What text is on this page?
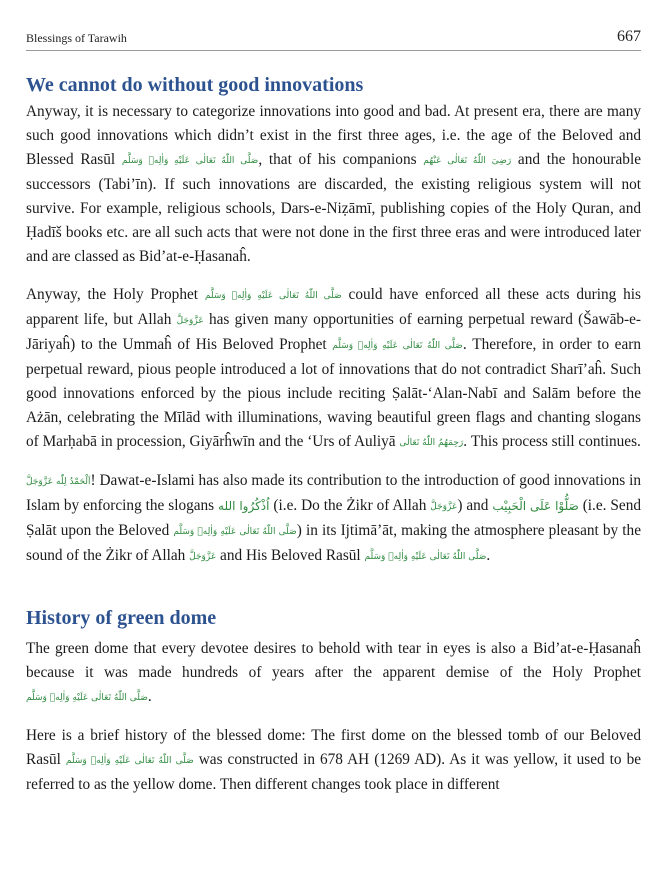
Blessings of Tarawih	667
We cannot do without good innovations

Anyway, it is necessary to categorize innovations into good and bad. At present era, there are many such good innovations which didn’t exist in the first three ages, i.e. the age of the Beloved and Blessed Rasūl صَلَّى اللّٰهُ تَعَالٰى عَلَيْهِ وَاٰلِهٖ وَسَلَّم, that of his companions رَضِىَ اللّٰهُ تَعَالٰى عَنْهُم and the honourable successors (Tabi’īn). If such innovations are discarded, the existing religious system will not survive. For example, religious schools, Dars-e-Niẓāmī, publishing copies of the Holy Quran, and Ḥadīš books etc. are all such acts that were not done in the first three eras and were introduced later and are classed as Bid’at-e-Ḥasanaĥ.

Anyway, the Holy Prophet صَلَّى اللّٰهُ تَعَالٰى عَلَيْهِ وَاٰلِهٖ وَسَلَّم could have enforced all these acts during his apparent life, but Allah عَزَّوَجَلَّ has given many opportunities of earning perpetual reward (Šawāb-e-Jāriyaĥ) to the Ummaĥ of His Beloved Prophet صَلَّى اللّٰهُ تَعَالٰى عَلَيْهِ وَاٰلِهٖ وَسَلَّم. Therefore, in order to earn perpetual reward, pious people introduced a lot of innovations that do not contradict Sharī’aĥ. Such good innovations enforced by the pious include reciting Ṣalāt-‘Alan-Nabī and Salām before the Ażān, celebrating the Mīlād with illuminations, waving beautiful green flags and chanting slogans of Marḥabā in procession, Giyārĥwīn and the ‘Urs of Auliyā رَحِمَهُمُ اللّٰهُ تَعَالٰى. This process still continues.

اَلْحَمْدُ لِلّٰه عَزَّوَجَلَّ! Dawat-e-Islami has also made its contribution to the introduction of good innovations in Islam by enforcing the slogans اُذْكُرُوا الله (i.e. Do the Żikr of Allah عَزَّوَجَلَّ) and صَلُّوْا عَلَى الْحَبِيْب (i.e. Send Ṣalāt upon the Beloved صَلَّى اللّٰهُ تَعَالٰى عَلَيْهِ وَاٰلِهٖ وَسَلَّم) in its Ijtimā’āt, making the atmosphere pleasant by the sound of the Żikr of Allah عَزَّوَجَلَّ and His Beloved Rasūl صَلَّى اللّٰهُ تَعَالٰى عَلَيْهِ وَاٰلِهٖ وَسَلَّم.

History of green dome

The green dome that every devotee desires to behold with tear in eyes is also a Bid’at-e-Ḥasanaĥ because it was made hundreds of years after the apparent demise of the Holy Prophet صَلَّى اللّٰهُ تَعَالٰى عَلَيْهِ وَاٰلِهٖ وَسَلَّم.

Here is a brief history of the blessed dome: The first dome on the blessed tomb of our Beloved Rasūl صَلَّى اللّٰهُ تَعَالٰى عَلَيْهِ وَاٰلِهٖ وَسَلَّم was constructed in 678 AH (1269 AD). As it was yellow, it used to be referred to as the yellow dome. Then different changes took place in different
